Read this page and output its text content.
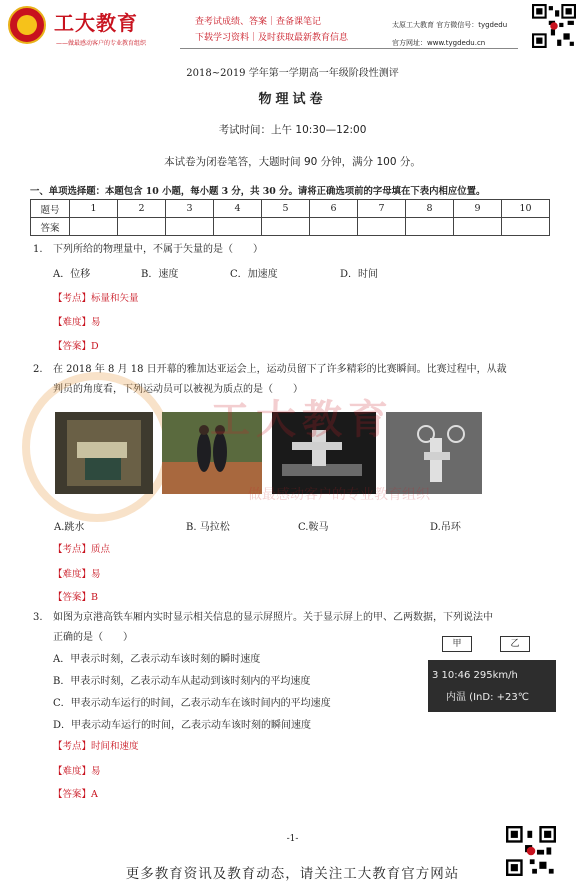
工大教育
——做最感动客户的专业教育组织
查考试成绩、答案｜查备课笔记
下载学习资料｜及时获取最新教育信息
太原工大教育 官方微信号：tygdedu
官方网址：www.tygdedu.cn
2018~2019 学年第一学期高一年级阶段性测评
物理试卷
考试时间：上午 10:30—12:00
本试卷为闭卷笔答，大题时间 90 分钟，满分 100 分。
一、单项选择题：本题包含 10 小题，每小题 3 分，共 30 分。请将正确选项前的字母填在下表内相应位置。
题号	1	2	3	4	5	6	7	8	9	10
答案										
1. 下列所给的物理量中，不属于矢量的是（　　）
A．位移	B．速度	C．加速度	D．时间
【考点】标量和矢量
【难度】易
【答案】D
2. 在 2018 年 8 月 18 日开幕的雅加达亚运会上，运动员留下了许多精彩的比赛瞬间。比赛过程中，从裁
判员的角度看，下列运动员可以被视为质点的是（　　）
工大教育
做最感动客户的专业教育组织
A.跳水	B. 马拉松	C.鞍马	D.吊环
【考点】质点
【难度】易
【答案】B
3. 如图为京港高铁车厢内实时显示相关信息的显示屏照片。关于显示屏上的甲、乙两数据，下列说法中
正确的是（　　）
A．甲表示时刻，乙表示动车该时刻的瞬时速度
B．甲表示时刻，乙表示动车从起动到该时刻内的平均速度
C．甲表示动车运行的时间，乙表示动车在该时间内的平均速度
D．甲表示动车运行的时间，乙表示动车该时刻的瞬间速度
甲	乙
3 10:46 295km/h
内温 (InD: +23℃
【考点】时间和速度
【难度】易
【答案】A
-1-
更多教育资讯及教育动态，请关注工大教育官方网站
